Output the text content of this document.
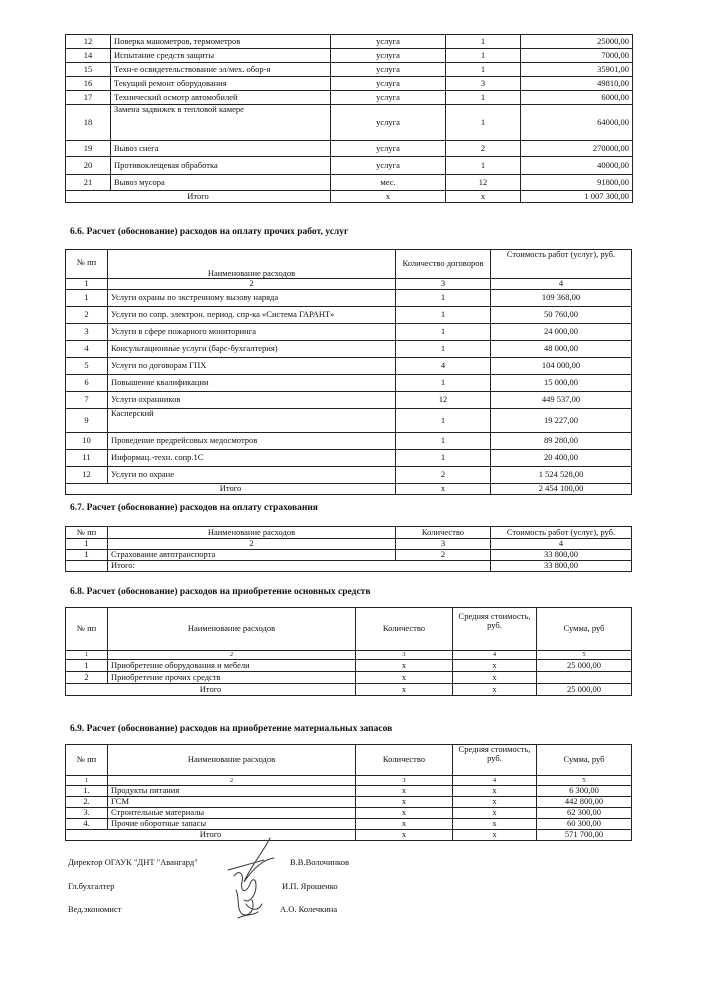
12	Поверка манометров, термометров	услуга	1	25000,00
14	Испытание средств защиты	услуга	1	7000,00
15	Техн-е освидетельствование эл/мех. обор-я	услуга	1	35901,00
16	Текущий ремонт оборудования	услуга	3	49810,00
17	Технический осмотр автомобилей	услуга	1	6000,00
18	Замена задвижек в тепловой камере	услуга	1	64000,00
19	Вывоз снега	услуга	2	270000,00
20	Противоклещевая обработка	услуга	1	40000,00
21	Вывоз мусора	мес.	12	91800,00
Итого		х	х	1 007 300,00
6.6. Расчет (обоснование) расходов на оплату прочих работ, услуг
№ пп	Наименование расходов	Количество договоров	Стоимость работ (услуг), руб.
1	2	3	4
1	Услуги охраны по экстренному вызову наряда	1	109 368,00
2	Услуги по сопр. электрон. период. спр-ка «Система ГАРАНТ»	1	50 760,00
3	Услуги в сфере пожарного мониторинга	1	24 000,00
4	Консультационные услуги (барс-бухгалтерия)	1	48 000,00
5	Услуги по договорам ГПХ	4	104 000,00
6	Повышение квалификации	1	15 000,00
7	Услуги охранников	12	449 537,00
9	Касперский	1	19 227,00
10	Проведение предрейсовых медосмотров	1	89 280,00
11	Информац.-техн. сопр.1С	1	20 400,00
12	Услуги по охране	2	1 524 528,00
Итого		х	2 454 100,00
6.7. Расчет (обоснование) расходов на оплату страхования
№ пп	Наименование расходов	Количество	Стоимость работ (услуг), руб.
1	2	3	4
1	Страхование автотранспорта	2	33 800,00
	Итого:		33 800,00
6.8. Расчет (обоснование) расходов на приобретение основных средств
№ пп	Наименование расходов	Количество	Средняя стоимость, руб.	Сумма, руб
1	2	3	4	5
1	Приобретение оборудования и мебели	х	х	25 000,00
2	Приобретение прочих средств	х	х	
Итого		х	х	25 000,00
6.9. Расчет (обоснование) расходов на приобретение материальных запасов
№ пп	Наименование расходов	Количество	Средняя стоимость, руб.	Сумма, руб
1	2	3	4	5
1.	Продукты питания	х	х	6 300,00
2.	ГСМ	х	х	442 800,00
3.	Строительные материалы	х	х	62 300,00
4.	Прочие оборотные запасы	х	х	60 300,00
Итого		х	х	571 700,00
Директор ОГАУК "ДНТ "Авангард"	В.В.Волочинков
Гл.бухгалтер	И.П. Ярошенко
Вед.экономист	А.О. Колечкина
